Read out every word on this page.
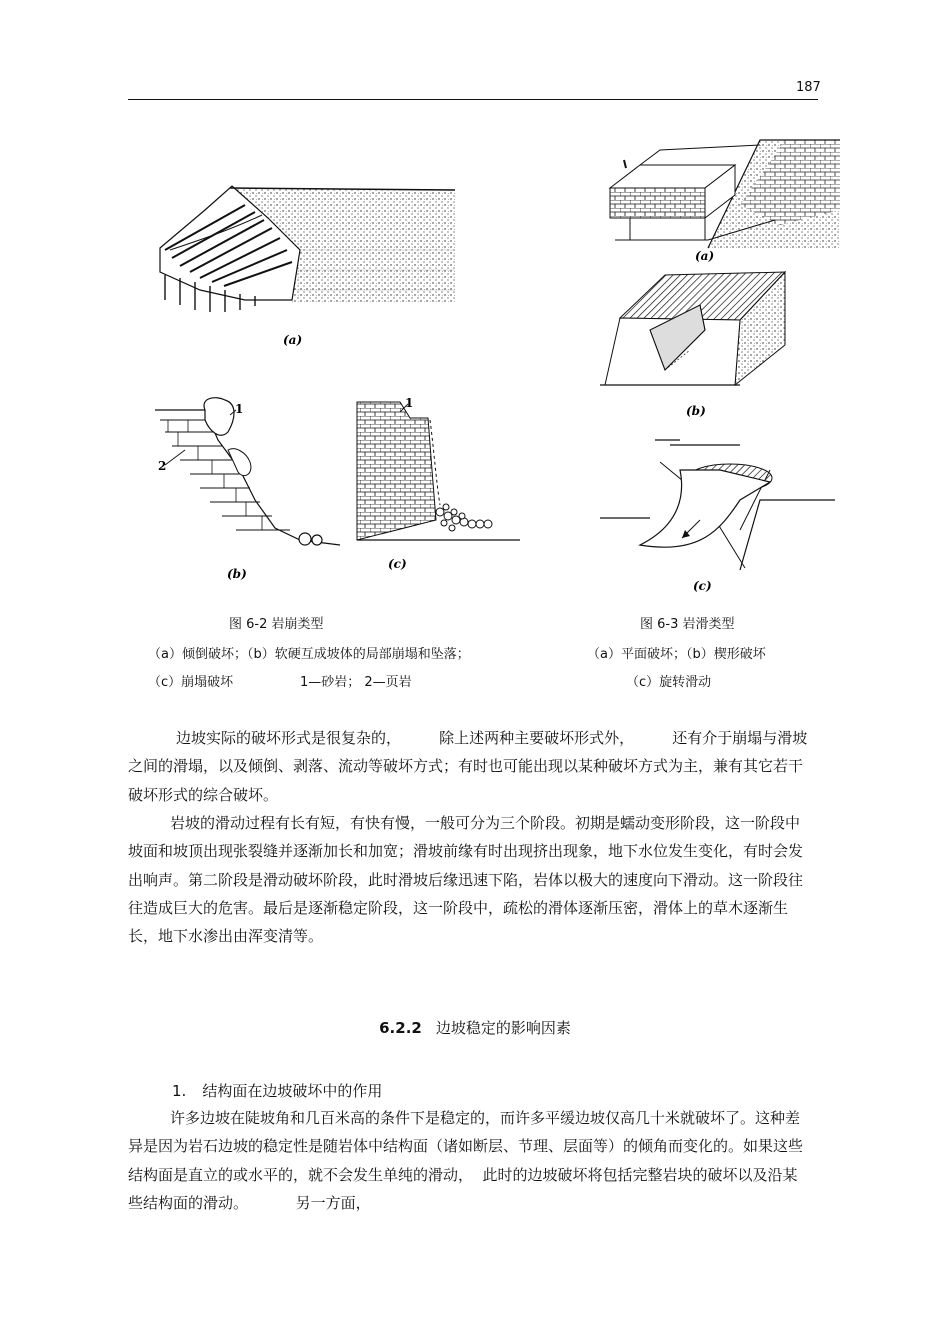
187
(a)
1
2
(b)
1
(c)
(a)
(b)
(c)
图 6-2 岩崩类型
（a）倾倒破坏；（b）软硬互成坡体的局部崩塌和坠落；
（c）崩塌破坏	1—砂岩； 2—页岩
图 6-3 岩滑类型
（a）平面破坏；（b）楔形破坏
（c）旋转滑动

边坡实际的破坏形式是很复杂的，        除上述两种主要破坏形式外，        还有介于崩塌与滑坡之间的滑塌，以及倾倒、剥落、流动等破坏方式；有时也可能出现以某种破坏方式为主，兼有其它若干破坏形式的综合破坏。

岩坡的滑动过程有长有短，有快有慢，一般可分为三个阶段。初期是蠕动变形阶段，这一阶段中坡面和坡顶出现张裂缝并逐渐加长和加宽；滑坡前缘有时出现挤出现象，地下水位发生变化，有时会发出响声。第二阶段是滑动破坏阶段，此时滑坡后缘迅速下陷，岩体以极大的速度向下滑动。这一阶段往往造成巨大的危害。最后是逐渐稳定阶段，这一阶段中，疏松的滑体逐渐压密，滑体上的草木逐渐生长，地下水渗出由浑变清等。

6.2.2 边坡稳定的影响因素
1. 结构面在边坡破坏中的作用

许多边坡在陡坡角和几百米高的条件下是稳定的，而许多平缓边坡仅高几十米就破坏了。这种差异是因为岩石边坡的稳定性是随岩体中结构面（诸如断层、节理、层面等）的倾角而变化的。如果这些结构面是直立的或水平的，就不会发生单纯的滑动，  此时的边坡破坏将包括完整岩块的破坏以及沿某些结构面的滑动。          另一方面，
